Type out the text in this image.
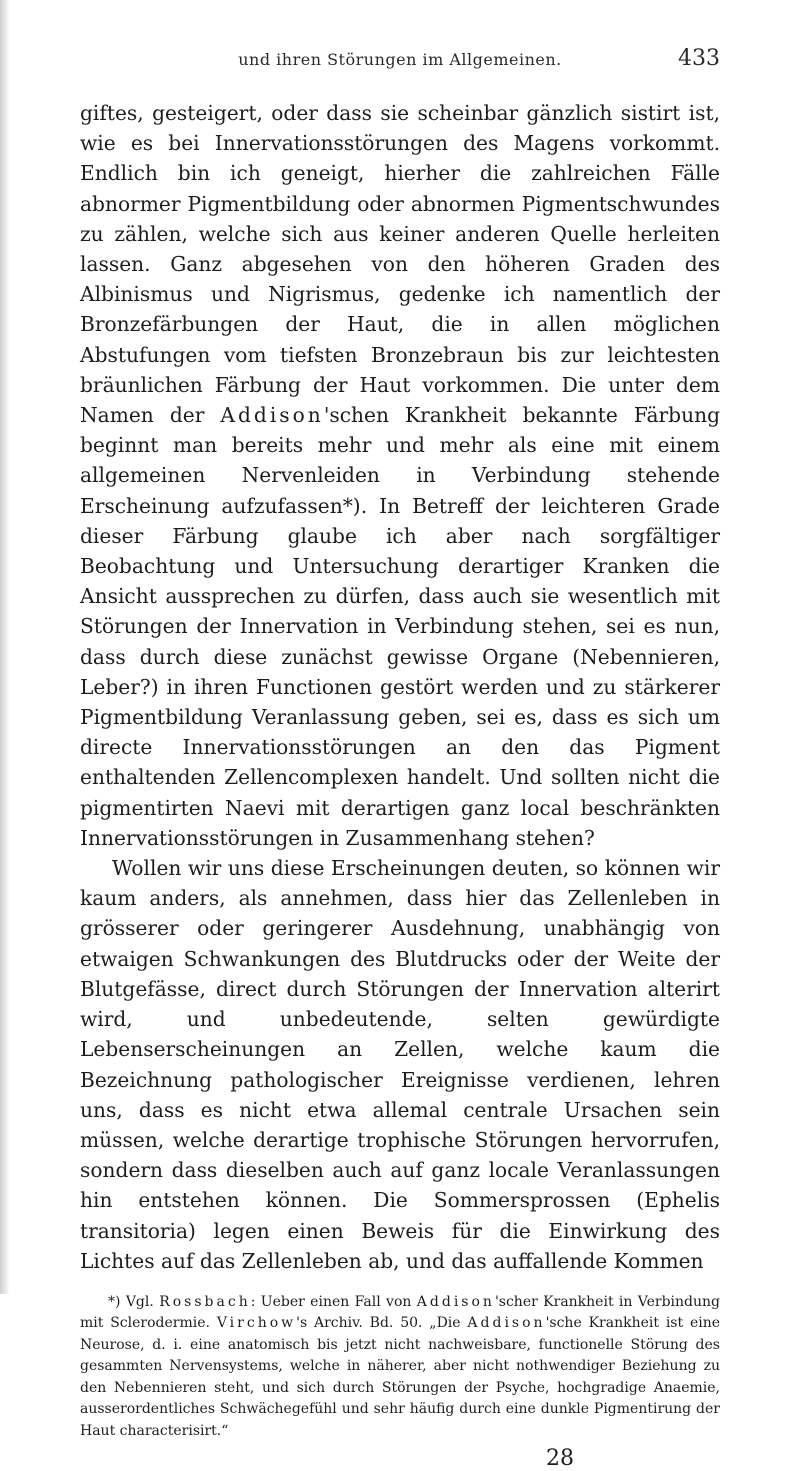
und ihren Störungen im Allgemeinen.	433

giftes, gesteigert, oder dass sie scheinbar gänzlich sistirt ist, wie es bei Innervationsstörungen des Magens vorkommt. Endlich bin ich geneigt, hierher die zahlreichen Fälle abnormer Pigmentbildung oder abnormen Pigmentschwundes zu zählen, welche sich aus keiner anderen Quelle herleiten lassen. Ganz abgesehen von den höheren Graden des Albinismus und Nigrismus, gedenke ich namentlich der Bronzefärbungen der Haut, die in allen möglichen Abstufungen vom tiefsten Bronzebraun bis zur leichtesten bräunlichen Färbung der Haut vorkommen. Die unter dem Namen der Addison'schen Krankheit bekannte Färbung beginnt man bereits mehr und mehr als eine mit einem allgemeinen Nervenleiden in Verbindung stehende Erscheinung aufzufassen*). In Betreff der leichteren Grade dieser Färbung glaube ich aber nach sorgfältiger Beobachtung und Untersuchung derartiger Kranken die Ansicht aussprechen zu dürfen, dass auch sie wesentlich mit Störungen der Innervation in Verbindung stehen, sei es nun, dass durch diese zunächst gewisse Organe (Nebennieren, Leber?) in ihren Functionen gestört werden und zu stärkerer Pigmentbildung Veranlassung geben, sei es, dass es sich um directe Innervationsstörungen an den das Pigment enthaltenden Zellencomplexen handelt. Und sollten nicht die pigmentirten Naevi mit derartigen ganz local beschränkten Innervationsstörungen in Zusammenhang stehen?

Wollen wir uns diese Erscheinungen deuten, so können wir kaum anders, als annehmen, dass hier das Zellenleben in grösserer oder geringerer Ausdehnung, unabhängig von etwaigen Schwankungen des Blutdrucks oder der Weite der Blutgefässe, direct durch Störungen der Innervation alterirt wird, und unbedeutende, selten gewürdigte Lebenserscheinungen an Zellen, welche kaum die Bezeichnung pathologischer Ereignisse verdienen, lehren uns, dass es nicht etwa allemal centrale Ursachen sein müssen, welche derartige trophische Störungen hervorrufen, sondern dass dieselben auch auf ganz locale Veranlassungen hin entstehen können. Die Sommersprossen (Ephelis transitoria) legen einen Beweis für die Einwirkung des Lichtes auf das Zellenleben ab, und das auffallende Kommen

*) Vgl. Rossbach: Ueber einen Fall von Addison'scher Krankheit in Verbindung mit Sclerodermie. Virchow's Archiv. Bd. 50. „Die Addison'sche Krankheit ist eine Neurose, d. i. eine anatomisch bis jetzt nicht nachweisbare, functionelle Störung des gesammten Nervensystems, welche in näherer, aber nicht nothwendiger Beziehung zu den Nebennieren steht, und sich durch Störungen der Psyche, hochgradige Anaemie, ausserordentliches Schwächegefühl und sehr häufig durch eine dunkle Pigmentirung der Haut characterisirt.“

28
